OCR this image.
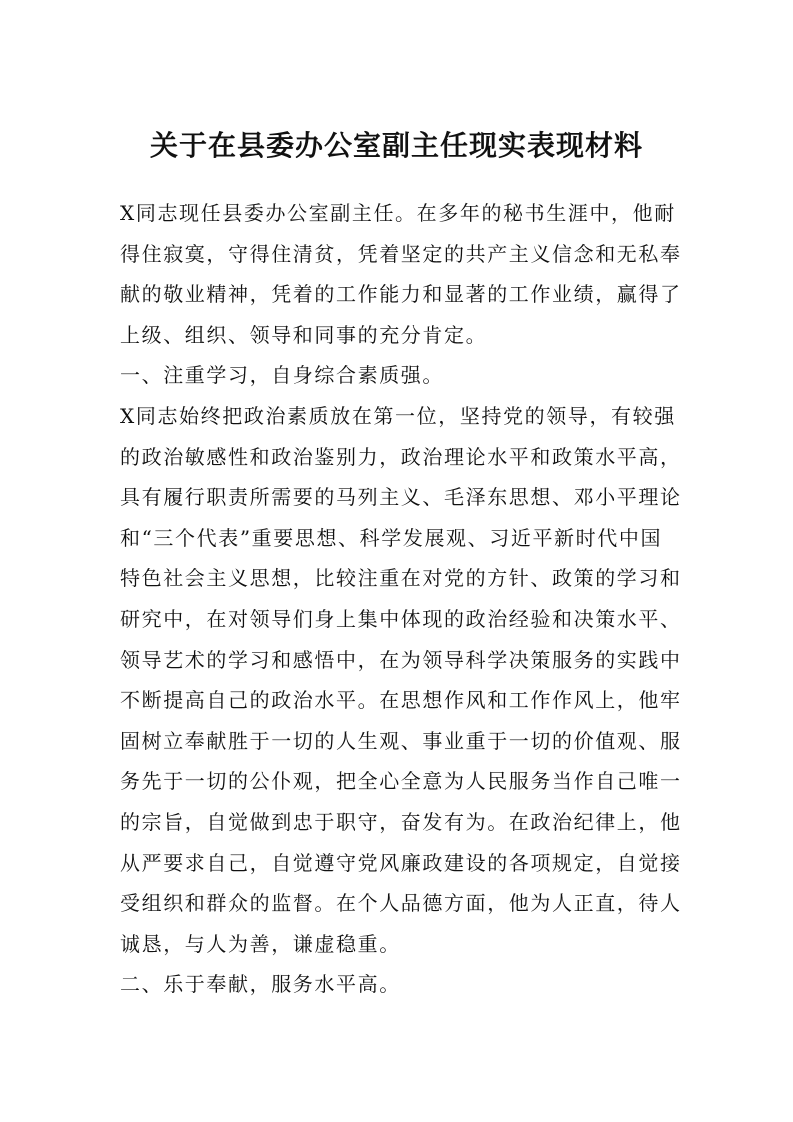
关于在县委办公室副主任现实表现材料
X同志现任县委办公室副主任。在多年的秘书生涯中，他耐
得住寂寞，守得住清贫，凭着坚定的共产主义信念和无私奉
献的敬业精神，凭着的工作能力和显著的工作业绩，赢得了
上级、组织、领导和同事的充分肯定。
一、注重学习，自身综合素质强。
X同志始终把政治素质放在第一位，坚持党的领导，有较强
的政治敏感性和政治鉴别力，政治理论水平和政策水平高，
具有履行职责所需要的马列主义、毛泽东思想、邓小平理论
和“三个代表”重要思想、科学发展观、习近平新时代中国
特色社会主义思想，比较注重在对党的方针、政策的学习和
研究中，在对领导们身上集中体现的政治经验和决策水平、
领导艺术的学习和感悟中，在为领导科学决策服务的实践中
不断提高自己的政治水平。在思想作风和工作作风上，他牢
固树立奉献胜于一切的人生观、事业重于一切的价值观、服
务先于一切的公仆观，把全心全意为人民服务当作自己唯一
的宗旨，自觉做到忠于职守，奋发有为。在政治纪律上，他
从严要求自己，自觉遵守党风廉政建设的各项规定，自觉接
受组织和群众的监督。在个人品德方面，他为人正直，待人
诚恳，与人为善，谦虚稳重。
二、乐于奉献，服务水平高。
